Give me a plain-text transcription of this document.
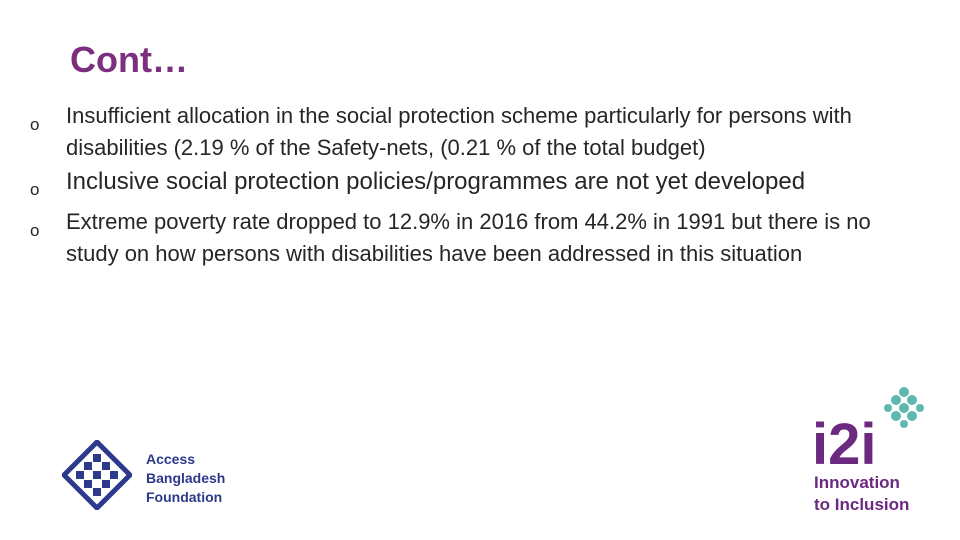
Cont…
o Insufficient allocation in the social protection scheme particularly for persons with disabilities (2.19 % of the Safety-nets, (0.21 % of the total budget)
o Inclusive social protection policies/programmes are not yet developed
o Extreme poverty rate dropped to 12.9% in 2016 from 44.2% in 1991 but there is no study on how persons with disabilities have been addressed in this situation
Access
Bangladesh
Foundation
i2i
Innovation
to Inclusion
